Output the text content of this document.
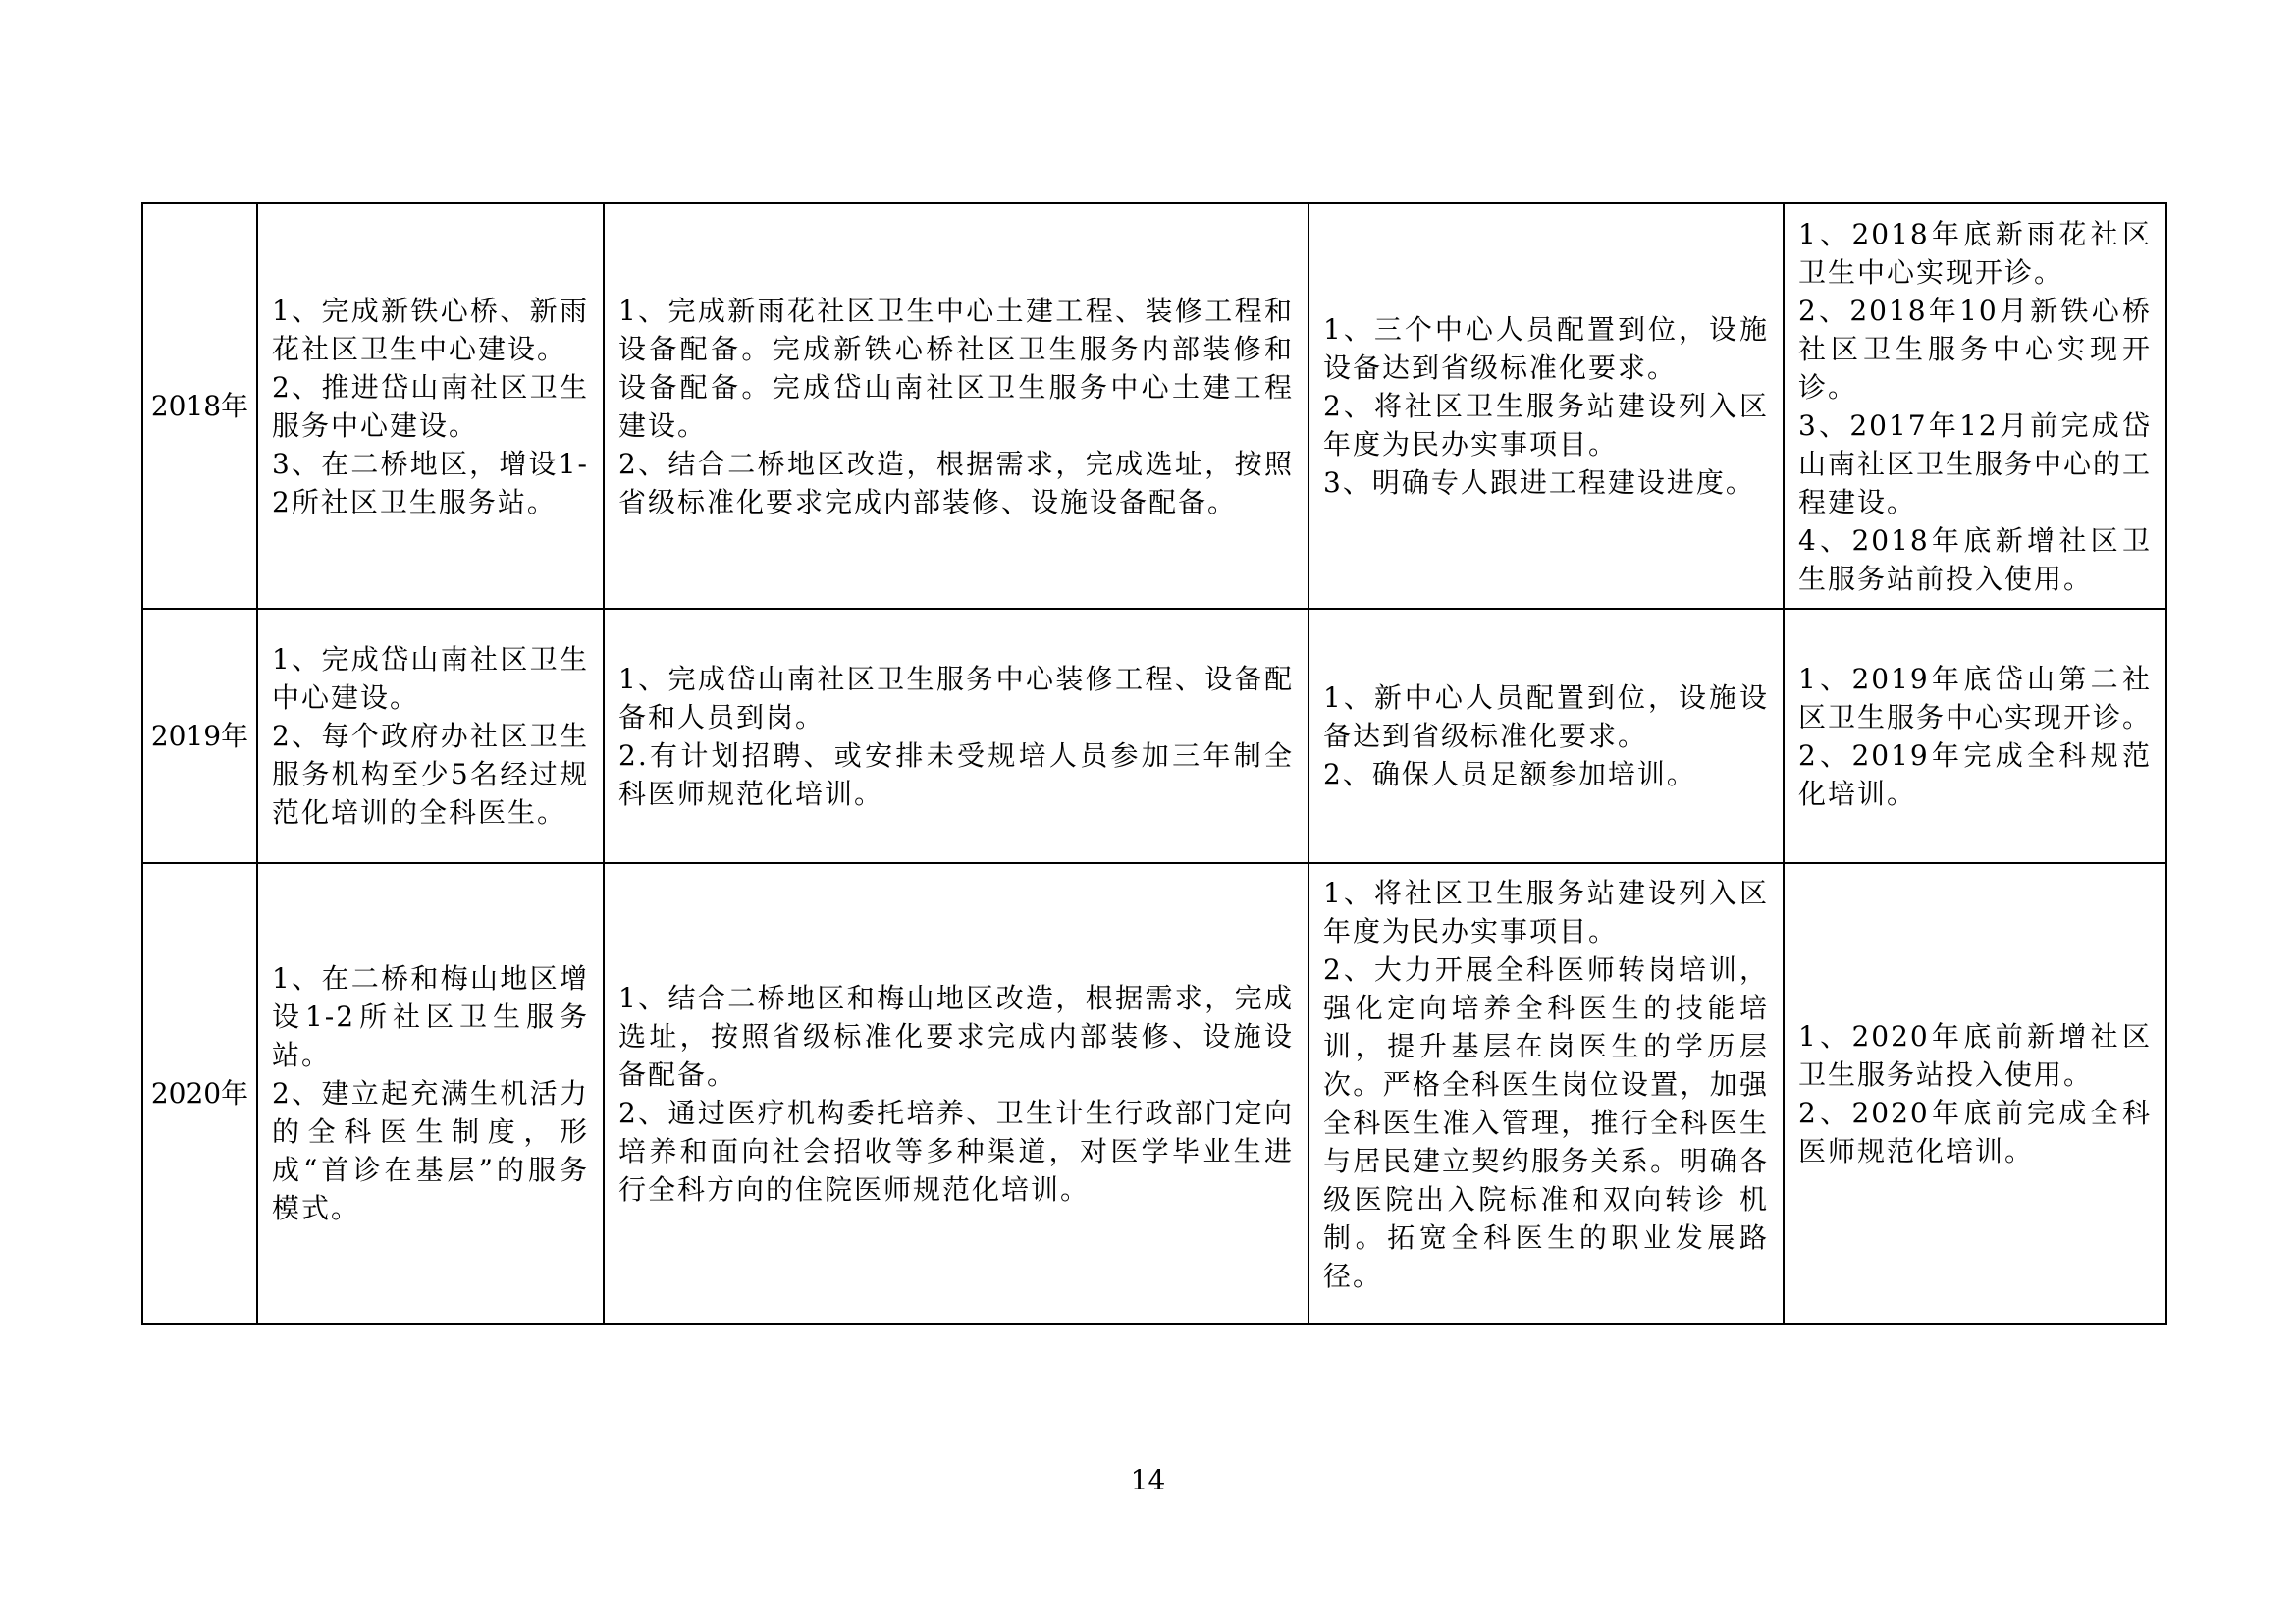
2018年	1、完成新铁心桥、新雨花社区卫生中心建设。
2、推进岱山南社区卫生服务中心建设。
3、在二桥地区，增设1-2所社区卫生服务站。	1、完成新雨花社区卫生中心土建工程、装修工程和设备配备。完成新铁心桥社区卫生服务内部装修和设备配备。完成岱山南社区卫生服务中心土建工程建设。
2、结合二桥地区改造，根据需求，完成选址，按照省级标准化要求完成内部装修、设施设备配备。	1、三个中心人员配置到位，设施设备达到省级标准化要求。
2、将社区卫生服务站建设列入区年度为民办实事项目。
3、明确专人跟进工程建设进度。	1、2018年底新雨花社区卫生中心实现开诊。
2、2018年10月新铁心桥社区卫生服务中心实现开诊。
3、2017年12月前完成岱山南社区卫生服务中心的工程建设。
4、2018年底新增社区卫生服务站前投入使用。

2019年	1、完成岱山南社区卫生中心建设。
2、每个政府办社区卫生服务机构至少5名经过规范化培训的全科医生。	1、完成岱山南社区卫生服务中心装修工程、设备配备和人员到岗。
2.有计划招聘、或安排未受规培人员参加三年制全科医师规范化培训。	1、新中心人员配置到位，设施设备达到省级标准化要求。
2、确保人员足额参加培训。	1、2019年底岱山第二社区卫生服务中心实现开诊。
2、2019年完成全科规范化培训。

2020年	1、在二桥和梅山地区增设1-2所社区卫生服务站。
2、建立起充满生机活力的全科医生制度，形成“首诊在基层”的服务模式。	1、结合二桥地区和梅山地区改造，根据需求，完成选址，按照省级标准化要求完成内部装修、设施设备配备。
2、通过医疗机构委托培养、卫生计生行政部门定向培养和面向社会招收等多种渠道，对医学毕业生进行全科方向的住院医师规范化培训。	1、将社区卫生服务站建设列入区年度为民办实事项目。
2、大力开展全科医师转岗培训，强化定向培养全科医生的技能培训，提升基层在岗医生的学历层次。严格全科医生岗位设置，加强全科医生准入管理，推行全科医生与居民建立契约服务关系。明确各级医院出入院标准和双向转诊 机制。拓宽全科医生的职业发展路径。	1、2020年底前新增社区卫生服务站投入使用。
2、2020年底前完成全科医师规范化培训。
14
